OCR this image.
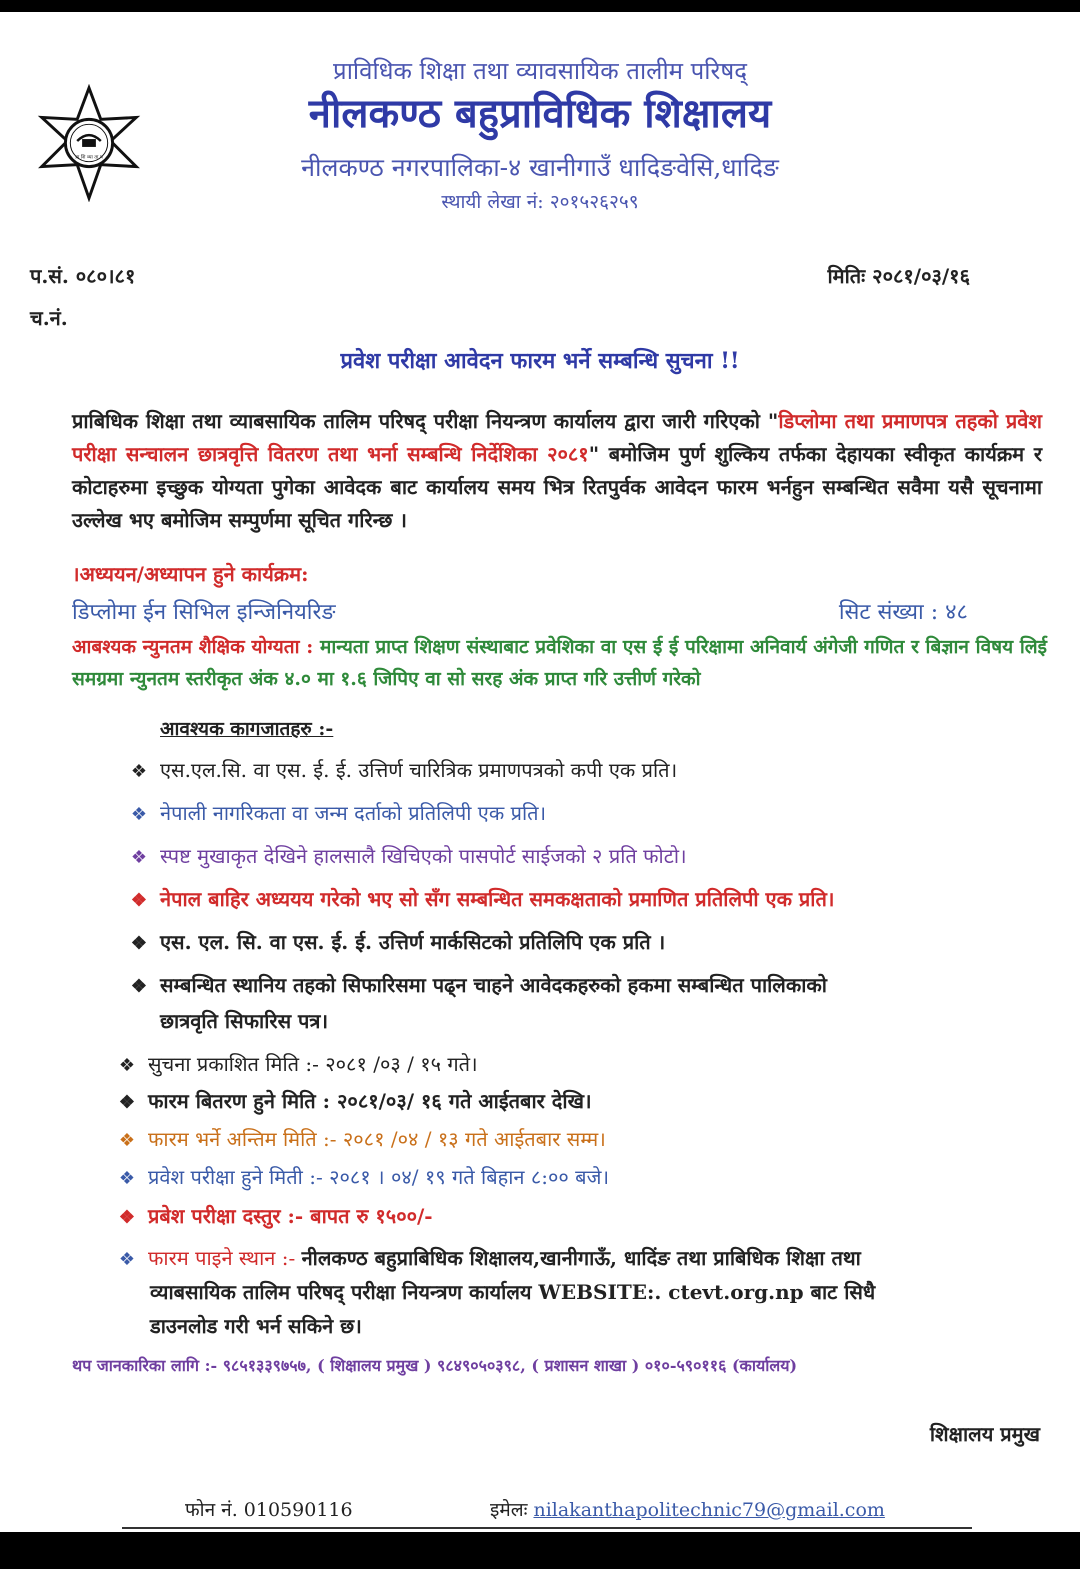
प्रा शि व्या ता प
प्राविधिक शिक्षा तथा व्यावसायिक तालीम परिषद्
नीलकण्ठ बहुप्राविधिक शिक्षालय
नीलकण्ठ नगरपालिका-४ खानीगाउँ धादिङवेसि,धादिङ
स्थायी लेखा नं: २०१५२६२५९
प.सं. ०८०।८१
च.नं.
मितिः २०८१/०३/१६
प्रवेश परीक्षा आवेदन फारम भर्ने सम्बन्धि सुचना !!
प्राबिधिक शिक्षा तथा व्याबसायिक तालिम परिषद् परीक्षा नियन्त्रण कार्यालय द्वारा जारी गरिएको "डिप्लोमा तथा प्रमाणपत्र तहको प्रवेश परीक्षा सन्चालन छात्रवृत्ति वितरण तथा भर्ना सम्बन्धि निर्देशिका २०८१" बमोजिम पुर्ण शुल्किय तर्फका देहायका स्वीकृत कार्यक्रम र कोटाहरुमा इच्छुक योग्यता पुगेका आवेदक बाट कार्यालय समय भित्र रितपुर्वक आवेदन फारम भर्नहुन सम्बन्धित सवैमा यसै सूचनामा उल्लेख भए बमोजिम सम्पुर्णमा सूचित गरिन्छ ।
।अध्ययन/अध्यापन हुने कार्यक्रम:
डिप्लोमा ईन सिभिल इन्जिनियरिङ	सिट संख्या : ४८
आबश्यक न्युनतम शैक्षिक योग्यता : मान्यता प्राप्त शिक्षण संस्थाबाट प्रवेशिका वा एस ई ई परिक्षामा अनिवार्य अंगेजी गणित र बिज्ञान विषय लिई समग्रमा न्युनतम स्तरीकृत अंक ४.० मा १.६ जिपिए वा सो सरह अंक प्राप्त गरि उत्तीर्ण गरेको
आवश्यक कागजातहरु :-
❖ एस.एल.सि. वा एस. ई. ई. उत्तिर्ण चारित्रिक प्रमाणपत्रको कपी एक प्रति।
❖ नेपाली नागरिकता वा जन्म दर्ताको प्रतिलिपी एक प्रति।
❖ स्पष्ट मुखाकृत देखिने हालसालै खिचिएको पासपोर्ट साईजको २ प्रति फोटो।
❖ नेपाल बाहिर अध्ययय गरेको भए सो सँग सम्बन्धित समकक्षताको प्रमाणित प्रतिलिपी एक प्रति।
❖ एस. एल. सि. वा एस. ई. ई. उत्तिर्ण मार्कसिटको प्रतिलिपि एक प्रति ।
❖ सम्बन्धित स्थानिय तहको सिफारिसमा पढ्न चाहने आवेदकहरुको हकमा सम्बन्धित पालिकाको
छात्रवृति सिफारिस पत्र।
❖ सुचना प्रकाशित मिति :- २०८१ /०३ / १५ गते।
❖ फारम बितरण हुने मिति : २०८१/०३/ १६ गते आईतबार देखि।
❖ फारम भर्ने अन्तिम मिति :- २०८१ /०४ / १३ गते आईतबार सम्म।
❖ प्रवेश परीक्षा हुने मिती :- २०८१ । ०४/ १९ गते बिहान ८:०० बजे।
❖ प्रबेश परीक्षा दस्तुर :- बापत रु १५००/-
❖ फारम पाइने स्थान :- नीलकण्ठ बहुप्राबिधिक शिक्षालय,खानीगाऊँ, धादिंङ तथा प्राबिधिक शिक्षा तथा
व्याबसायिक तालिम परिषद् परीक्षा नियन्त्रण कार्यालय WEBSITE:. ctevt.org.np बाट सिधै
डाउनलोड गरी भर्न सकिने छ।
थप जानकारिका लागि :- ९८५१३३९७५७, ( शिक्षालय प्रमुख ) ९८४९०५०३९८, ( प्रशासन शाखा ) ०१०-५९०११६ (कार्यालय)
शिक्षालय प्रमुख
फोन नं. 010590116	इमेलः nilakanthapolitechnic79@gmail.com
